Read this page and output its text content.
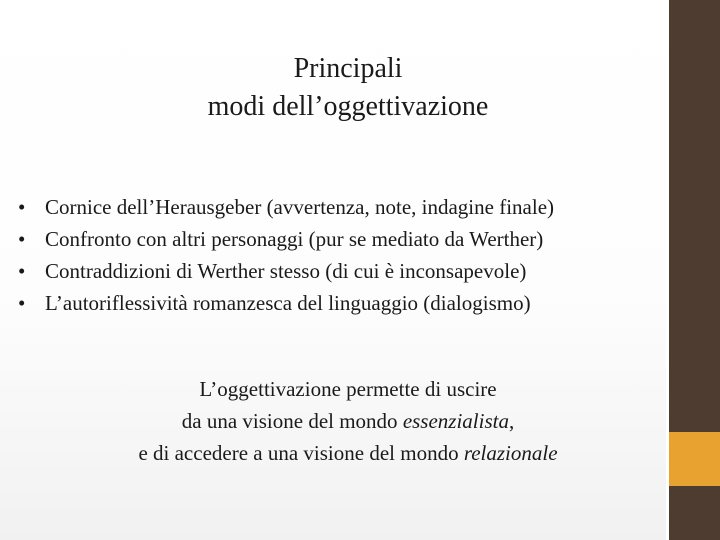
Principali
modi dell’oggettivazione
• Cornice dell’Herausgeber (avvertenza, note, indagine finale)
• Confronto con altri personaggi (pur se mediato da Werther)
• Contraddizioni di Werther stesso (di cui è inconsapevole)
• L’autoriflessività romanzesca del linguaggio (dialogismo)
L’oggettivazione permette di uscire
da una visione del mondo essenzialista,
e di accedere a una visione del mondo relazionale
